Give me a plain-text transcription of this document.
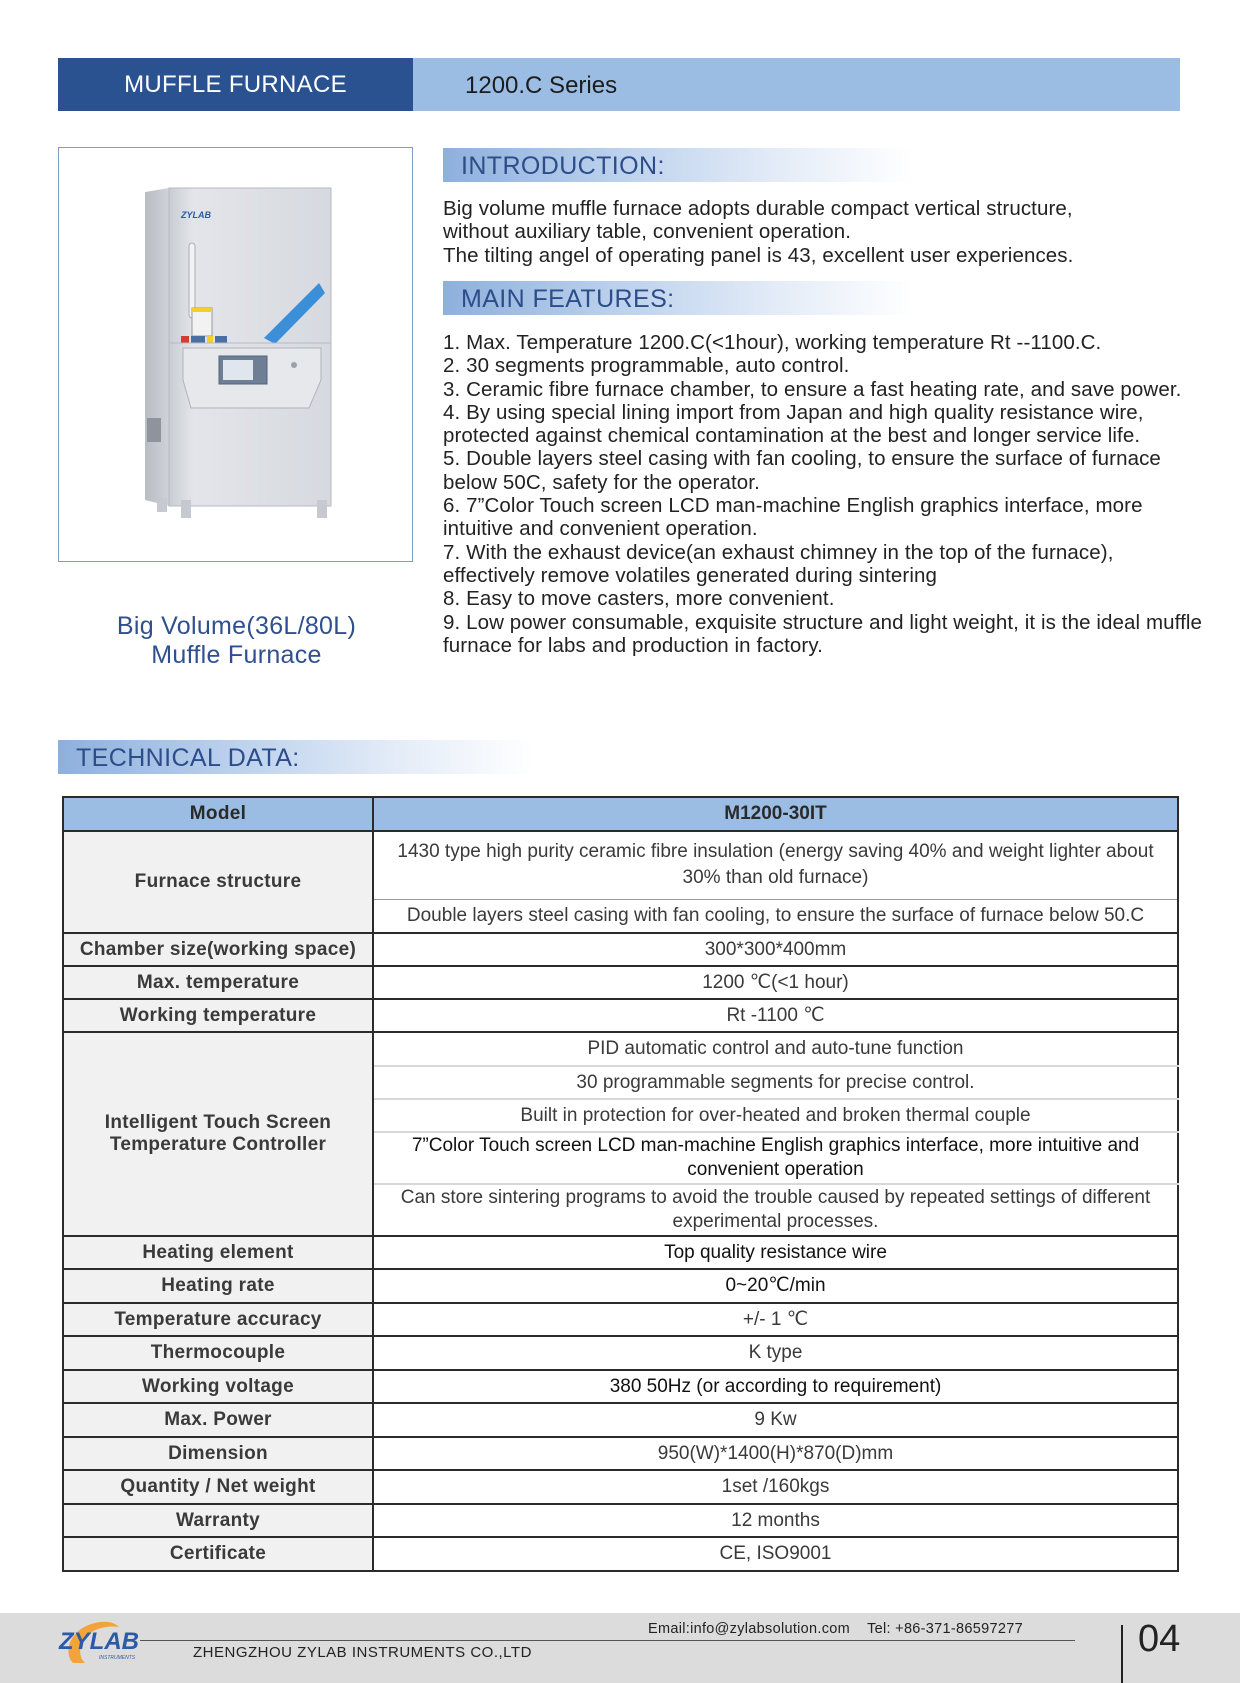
MUFFLE FURNACE	1200.C Series
ZYLAB
Big Volume(36L/80L)
Muffle Furnace
INTRODUCTION:
Big volume muffle furnace adopts durable compact vertical structure,
without auxiliary table, convenient operation.
The tilting angel of operating panel is 43, excellent user experiences.
MAIN FEATURES:
1. Max. Temperature 1200.C(<1hour), working temperature Rt --1100.C.
2. 30 segments programmable, auto control.
3. Ceramic fibre furnace chamber, to ensure a fast heating rate, and save power.
4. By using special lining import from Japan and high quality resistance wire, protected against chemical contamination at the best and longer service life.
5. Double layers steel casing with fan cooling, to ensure the surface of furnace below 50C, safety for the operator.
6. 7”Color Touch screen LCD man-machine English graphics interface, more intuitive and convenient operation.
7. With the exhaust device(an exhaust chimney in the top of the furnace), effectively remove volatiles generated during sintering
8. Easy to move casters, more convenient.
9. Low power consumable, exquisite structure and light weight, it is the ideal muffle furnace for labs and production in factory.
TECHNICAL DATA:
Model	M1200-30IT
Furnace structure	1430 type high purity ceramic fibre insulation (energy saving 40% and weight lighter about 30% than old furnace)
	Double layers steel casing with fan cooling, to ensure the surface of furnace below 50.C
Chamber size(working space)	300*300*400mm
Max. temperature	1200 ℃(<1 hour)
Working temperature	Rt -1100 ℃

Intelligent Touch Screen
Temperature Controller	PID automatic control and auto-tune function
	30 programmable segments for precise control.
	Built in protection for over-heated and broken thermal couple
	7”Color Touch screen LCD man-machine English graphics interface, more intuitive and convenient operation
	Can store sintering programs to avoid the trouble caused by repeated settings of different experimental processes.
Heating element	Top quality resistance wire
Heating rate	0~20℃/min
Temperature accuracy	+/- 1 ℃
Thermocouple	K type
Working voltage	380 50Hz (or according to requirement)
Max. Power	9 Kw
Dimension	950(W)*1400(H)*870(D)mm
Quantity / Net weight	1set /160kgs
Warranty	12 months
Certificate	CE, ISO9001
ZYLAB
INSTRUMENTS
Email:info@zylabsolution.com    Tel: +86-371-86597277
ZHENGZHOU ZYLAB INSTRUMENTS CO.,LTD	04
